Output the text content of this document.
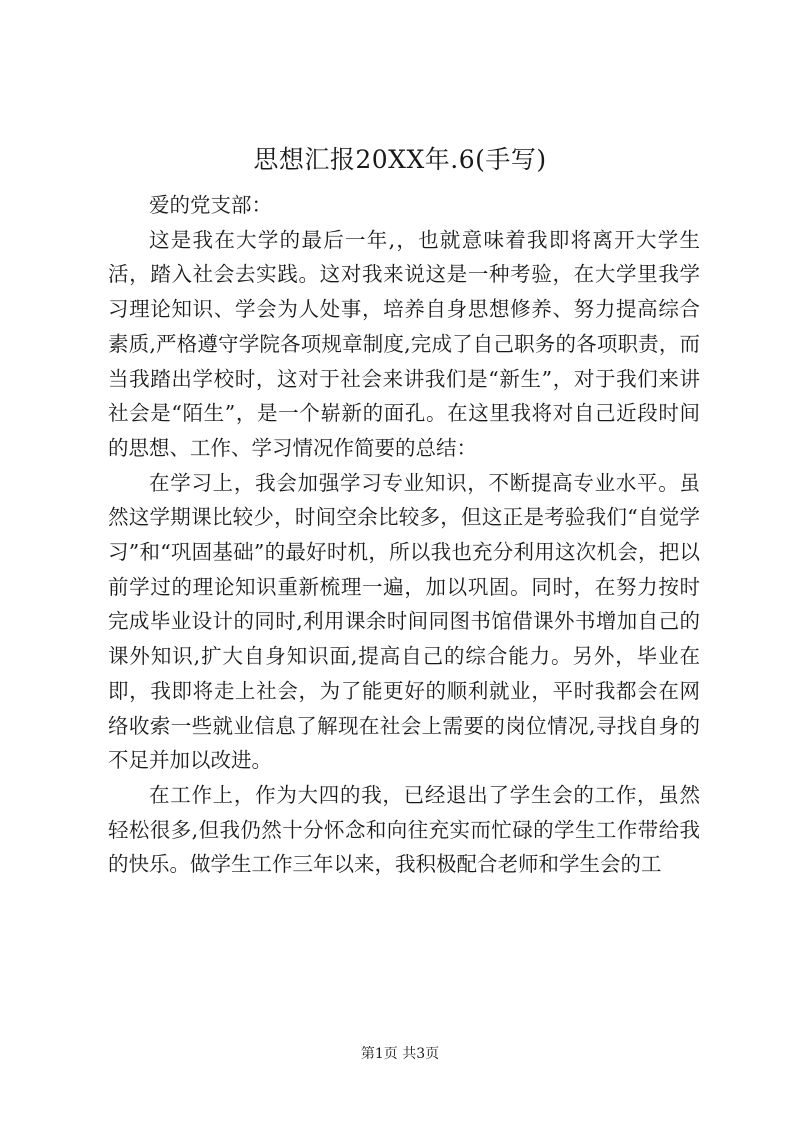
思想汇报20XX年.6(手写)

爱的党支部：

这是我在大学的最后一年,，也就意味着我即将离开大学生活，踏入社会去实践。这对我来说这是一种考验，在大学里我学习理论知识、学会为人处事，培养自身思想修养、努力提高综合素质,严格遵守学院各项规章制度,完成了自己职务的各项职责，而当我踏出学校时，这对于社会来讲我们是“新生”，对于我们来讲社会是“陌生”，是一个崭新的面孔。在这里我将对自己近段时间的思想、工作、学习情况作简要的总结：

在学习上，我会加强学习专业知识，不断提高专业水平。虽然这学期课比较少，时间空余比较多，但这正是考验我们“自觉学习”和“巩固基础”的最好时机，所以我也充分利用这次机会，把以前学过的理论知识重新梳理一遍，加以巩固。同时，在努力按时完成毕业设计的同时,利用课余时间同图书馆借课外书增加自己的课外知识,扩大自身知识面,提高自己的综合能力。另外，毕业在即，我即将走上社会，为了能更好的顺利就业，平时我都会在网络收索一些就业信息了解现在社会上需要的岗位情况,寻找自身的不足并加以改进。

在工作上，作为大四的我，已经退出了学生会的工作，虽然轻松很多,但我仍然十分怀念和向往充实而忙碌的学生工作带给我的快乐。做学生工作三年以来，我积极配合老师和学生会的工

第1页 共3页
